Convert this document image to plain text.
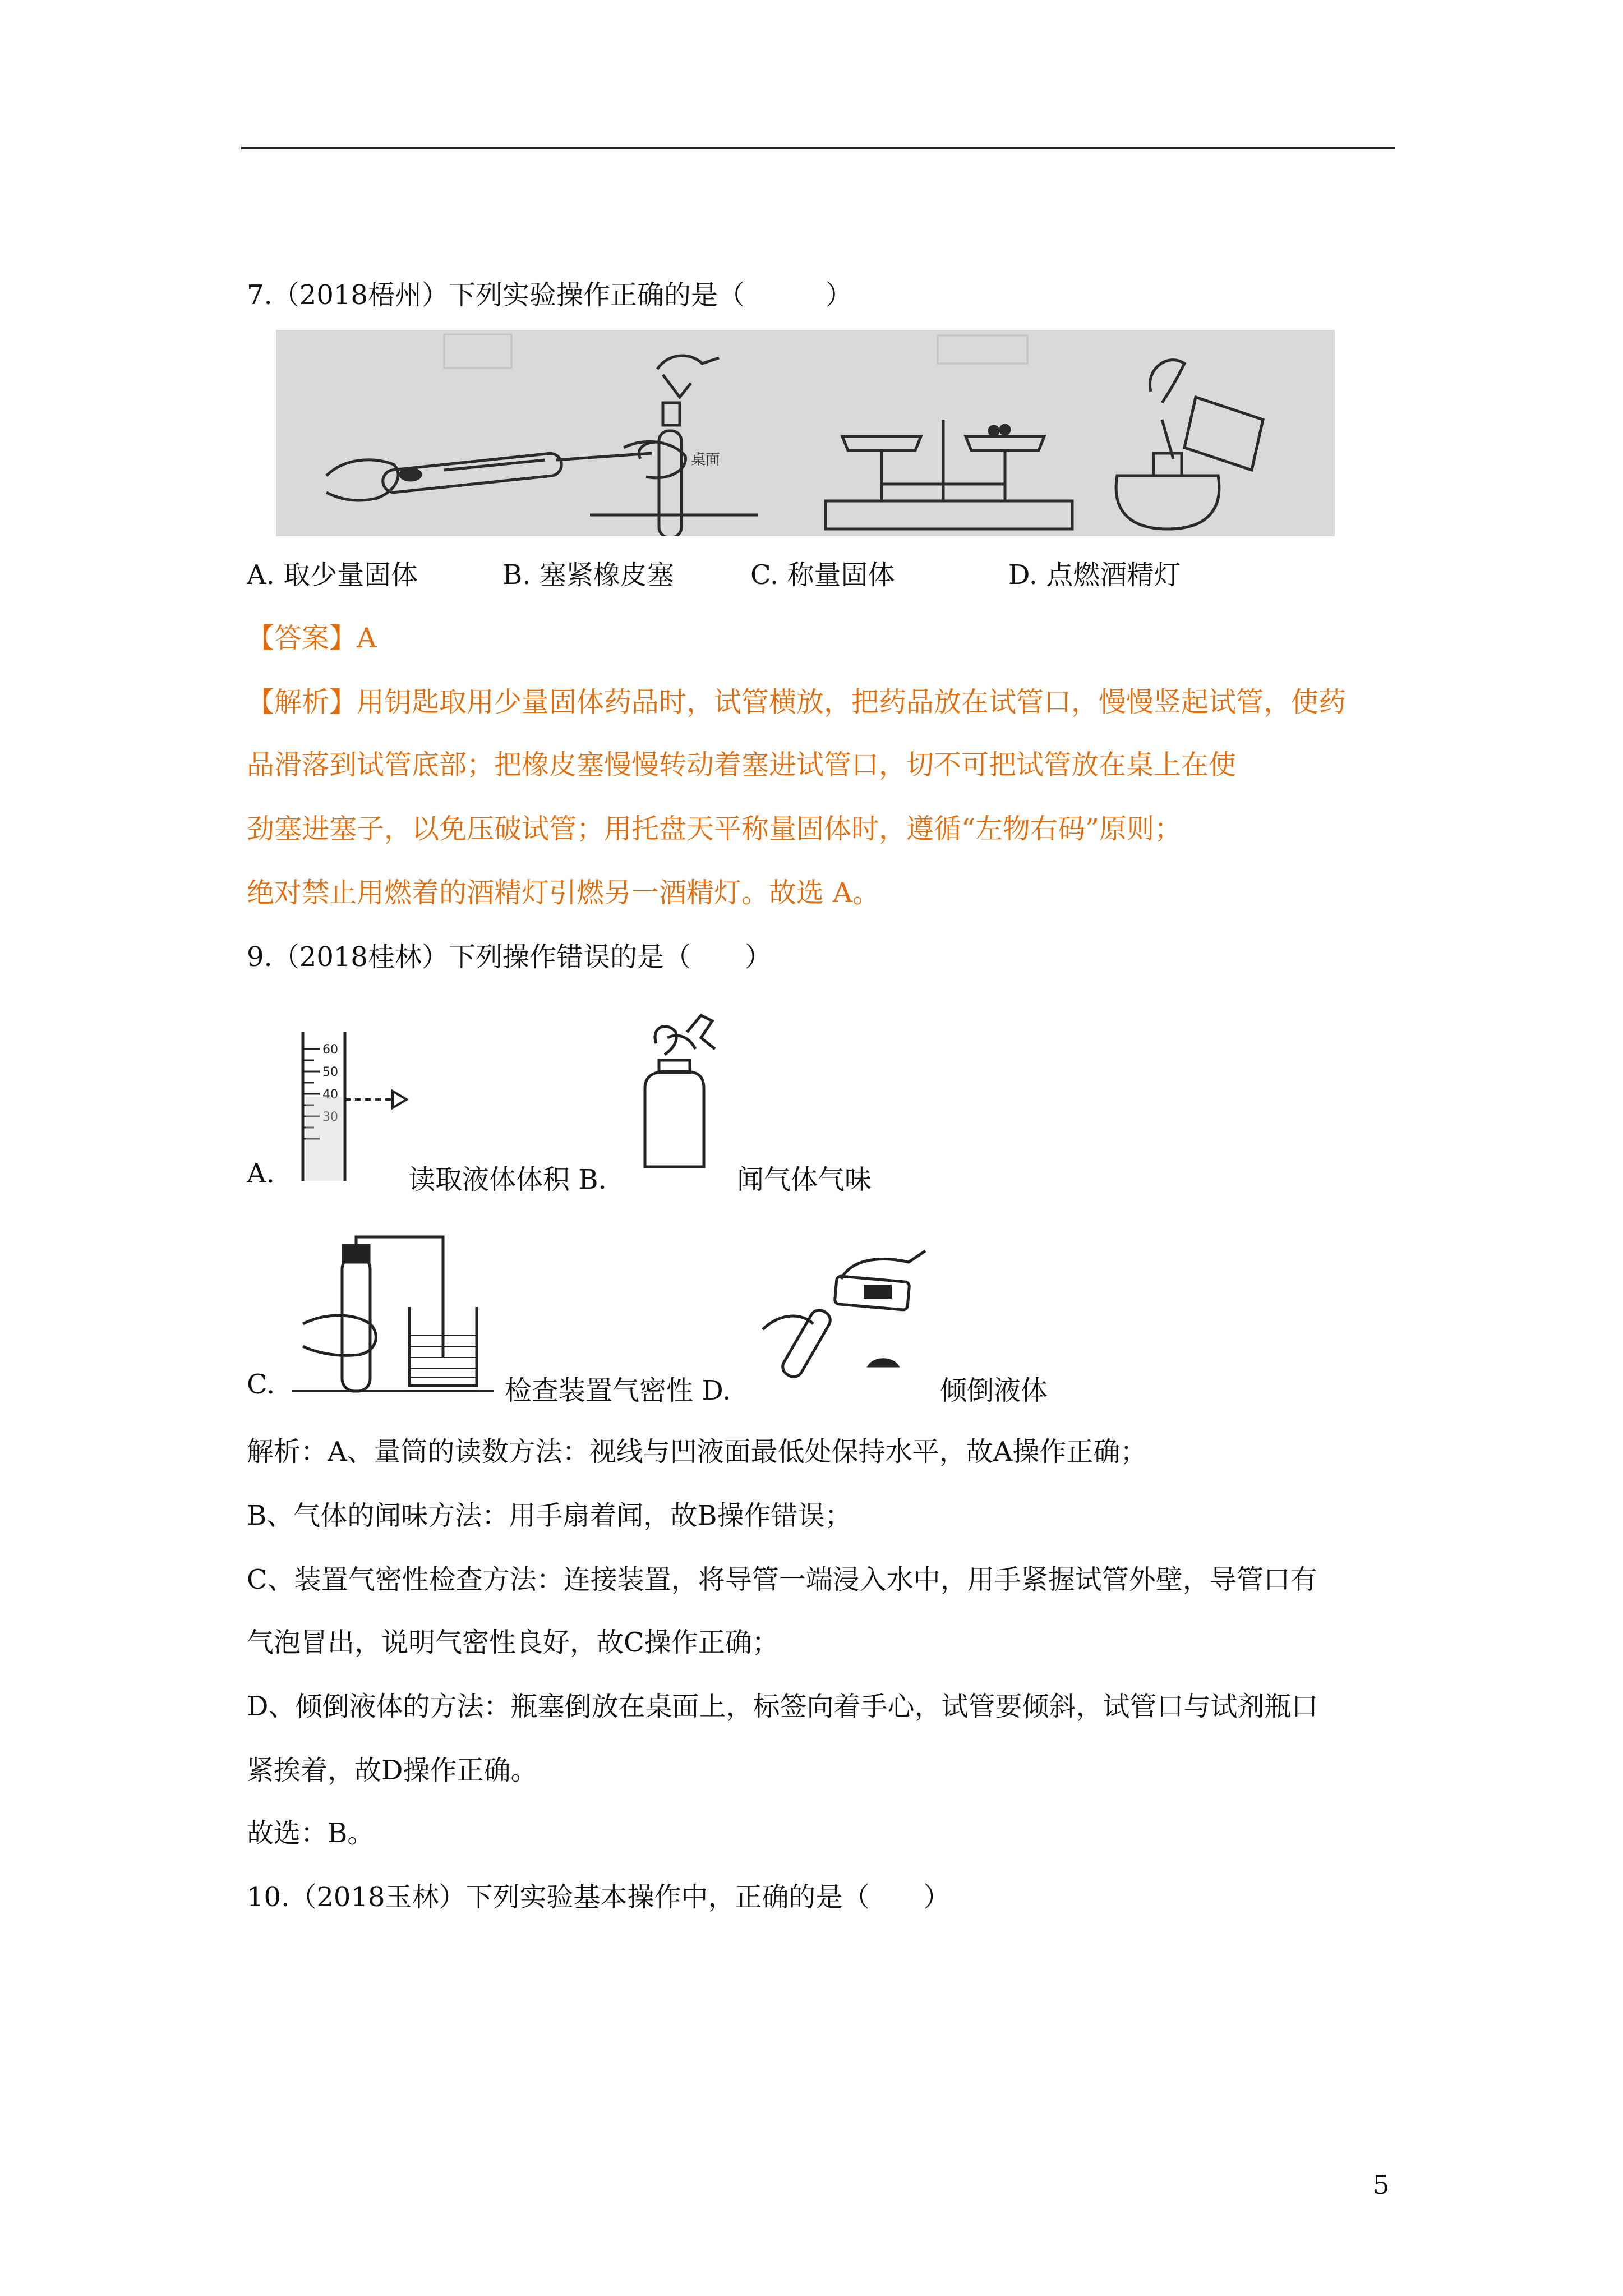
7.（2018梧州）下列实验操作正确的是（　　　）
桌面
A. 取少量固体	B. 塞紧橡皮塞	C. 称量固体	D. 点燃酒精灯
【答案】A
【解析】用钥匙取用少量固体药品时，试管横放，把药品放在试管口，慢慢竖起试管，使药
品滑落到试管底部；把橡皮塞慢慢转动着塞进试管口，切不可把试管放在桌上在使
劲塞进塞子，以免压破试管；用托盘天平称量固体时，遵循“左物右码”原则；
绝对禁止用燃着的酒精灯引燃另一酒精灯。故选 A。
9.（2018桂林）下列操作错误的是（　　）
60
50
40
30
A.	读取液体体积 B.	闻气体气味
C.	检查装置气密性 D.	倾倒液体
解析：A、量筒的读数方法：视线与凹液面最低处保持水平，故A操作正确；
B、气体的闻味方法：用手扇着闻，故B操作错误；
C、装置气密性检查方法：连接装置，将导管一端浸入水中，用手紧握试管外壁，导管口有
气泡冒出，说明气密性良好，故C操作正确；
D、倾倒液体的方法：瓶塞倒放在桌面上，标签向着手心，试管要倾斜，试管口与试剂瓶口
紧挨着，故D操作正确。
故选：B。
10.（2018玉林）下列实验基本操作中，正确的是（　　）
5
